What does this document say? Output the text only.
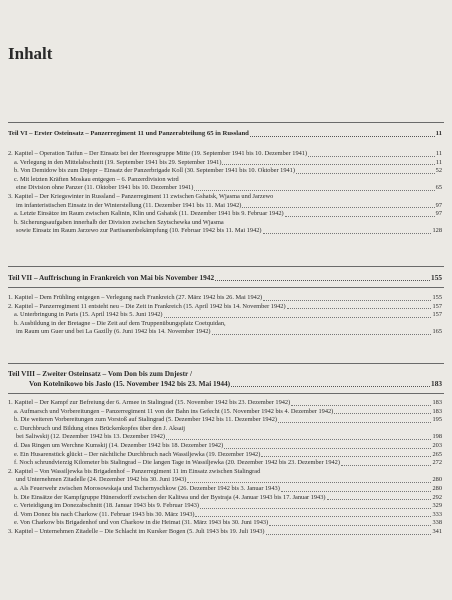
Inhalt
Teil VI – Erster Osteinsatz – Panzerregiment 11 und Panzerabteilung 65 in Russland	11
2. Kapitel – Operation Taifun – Der Einsatz bei der Heeresgruppe Mitte (19. September 1941 bis 10. Dezember 1941)	11
a. Verlegung in den Mittelabschnitt (19. September 1941 bis 29. September 1941)	11
b. Von Demidow bis zum Dnjepr – Einsatz der Panzerbrigade Koll (30. September 1941 bis 10. Oktober 1941)	52
c. Mit letzten Kräften Moskau entgegen – 6. Panzerdivision wird
eine Division ohne Panzer (11. Oktober 1941 bis 10. Dezember 1941)	65
3. Kapitel – Der Kriegswinter in Russland – Panzerregiment 11 zwischen Gshatsk, Wjasma und Jarzewo
im infanteristischen Einsatz in der Winterstellung (11. Dezember 1941 bis 11. Mai 1942)	97
a. Letzte Einsätze im Raum zwischen Kalinin, Klin und Gshatsk (11. Dezember 1941 bis 9. Februar 1942)	97
b. Sicherungsaufgaben innerhalb der Division zwischen Szytschewka und Wjasma
sowie Einsatz im Raum Jarzewo zur Partisanenbekämpfung (10. Februar 1942 bis 11. Mai 1942)	128
Teil VII – Auffrischung in Frankreich von Mai bis November 1942	155
1. Kapitel – Dem Frühling entgegen – Verlegung nach Frankreich (27. März 1942 bis 26. Mai 1942)	155
2. Kapitel – Panzerregiment 11 entsteht neu – Die Zeit in Frankreich (15. April 1942 bis 14. November 1942)	157
a. Unterbringung in Paris (15. April 1942 bis 5. Juni 1942)	157
b. Ausbildung in der Bretagne – Die Zeit auf dem Truppenübungsplatz Coetquidan,
im Raum um Guer und bei La Gazilly (6. Juni 1942 bis 14. November 1942)	165
Teil VIII – Zweiter Osteinsatz – Vom Don bis zum Dnjestr /
Von Kotelnikowo bis Jaslo (15. November 1942 bis 23. Mai 1944)	183
1. Kapitel – Der Kampf zur Befreiung der 6. Armee in Stalingrad (15. November 1942 bis 23. Dezember 1942)	183
a. Aufmarsch und Vorbereitungen – Panzerregiment 11 von der Bahn ins Gefecht (15. November 1942 bis 4. Dezember 1942)	183
b. Die weiteren Vorbereitungen zum Vorstoß auf Stalingrad (5. Dezember 1942 bis 11. Dezember 1942)	195
c. Durchbruch und Bildung eines Brückenkopfes über den J. Aksaij
bei Saliwskij (12. Dezember 1942 bis 13. Dezember 1942)	198
d. Das Ringen um Werchne Kumskij (14. Dezember 1942 bis 18. Dezember 1942)	203
e. Ein Husarenstück glückt – Der nächtliche Durchbruch nach Wassiljewka (19. Dezember 1942)	265
f. Noch schrundvierzig Kilometer bis Stalingrad – Die langen Tage in Wassiljewka (20. Dezember 1942 bis 23. Dezember 1942)	272
2. Kapitel – Von Wassiljewka bis Brigadenhof – Panzerregiment 11 im Einsatz zwischen Stalingrad
und Unternehmen Zitadelle (24. Dezember 1942 bis 30. Juni 1943)	280
a. Als Feuerwehr zwischen Morosowskaja und Tschernyschkow (26. Dezember 1942 bis 3. Januar 1943)	280
b. Die Einsätze der Kampfgruppe Hünersdorff zwischen der Kalitwa und der Bystraja (4. Januar 1943 bis 17. Januar 1943)	292
c. Verteidigung im Donezabschnitt (18. Januar 1943 bis 9. Februar 1943)	329
d. Vom Donez bis nach Charkow (11. Februar 1943 bis 30. März 1943)	333
e. Von Charkow bis Brigadenhof und von Charkow in die Heimat (31. März 1943 bis 30. Juni 1943)	338
3. Kapitel – Unternehmen Zitadelle – Die Schlacht im Kursker Bogen (5. Juli 1943 bis 19. Juli 1943)	341
